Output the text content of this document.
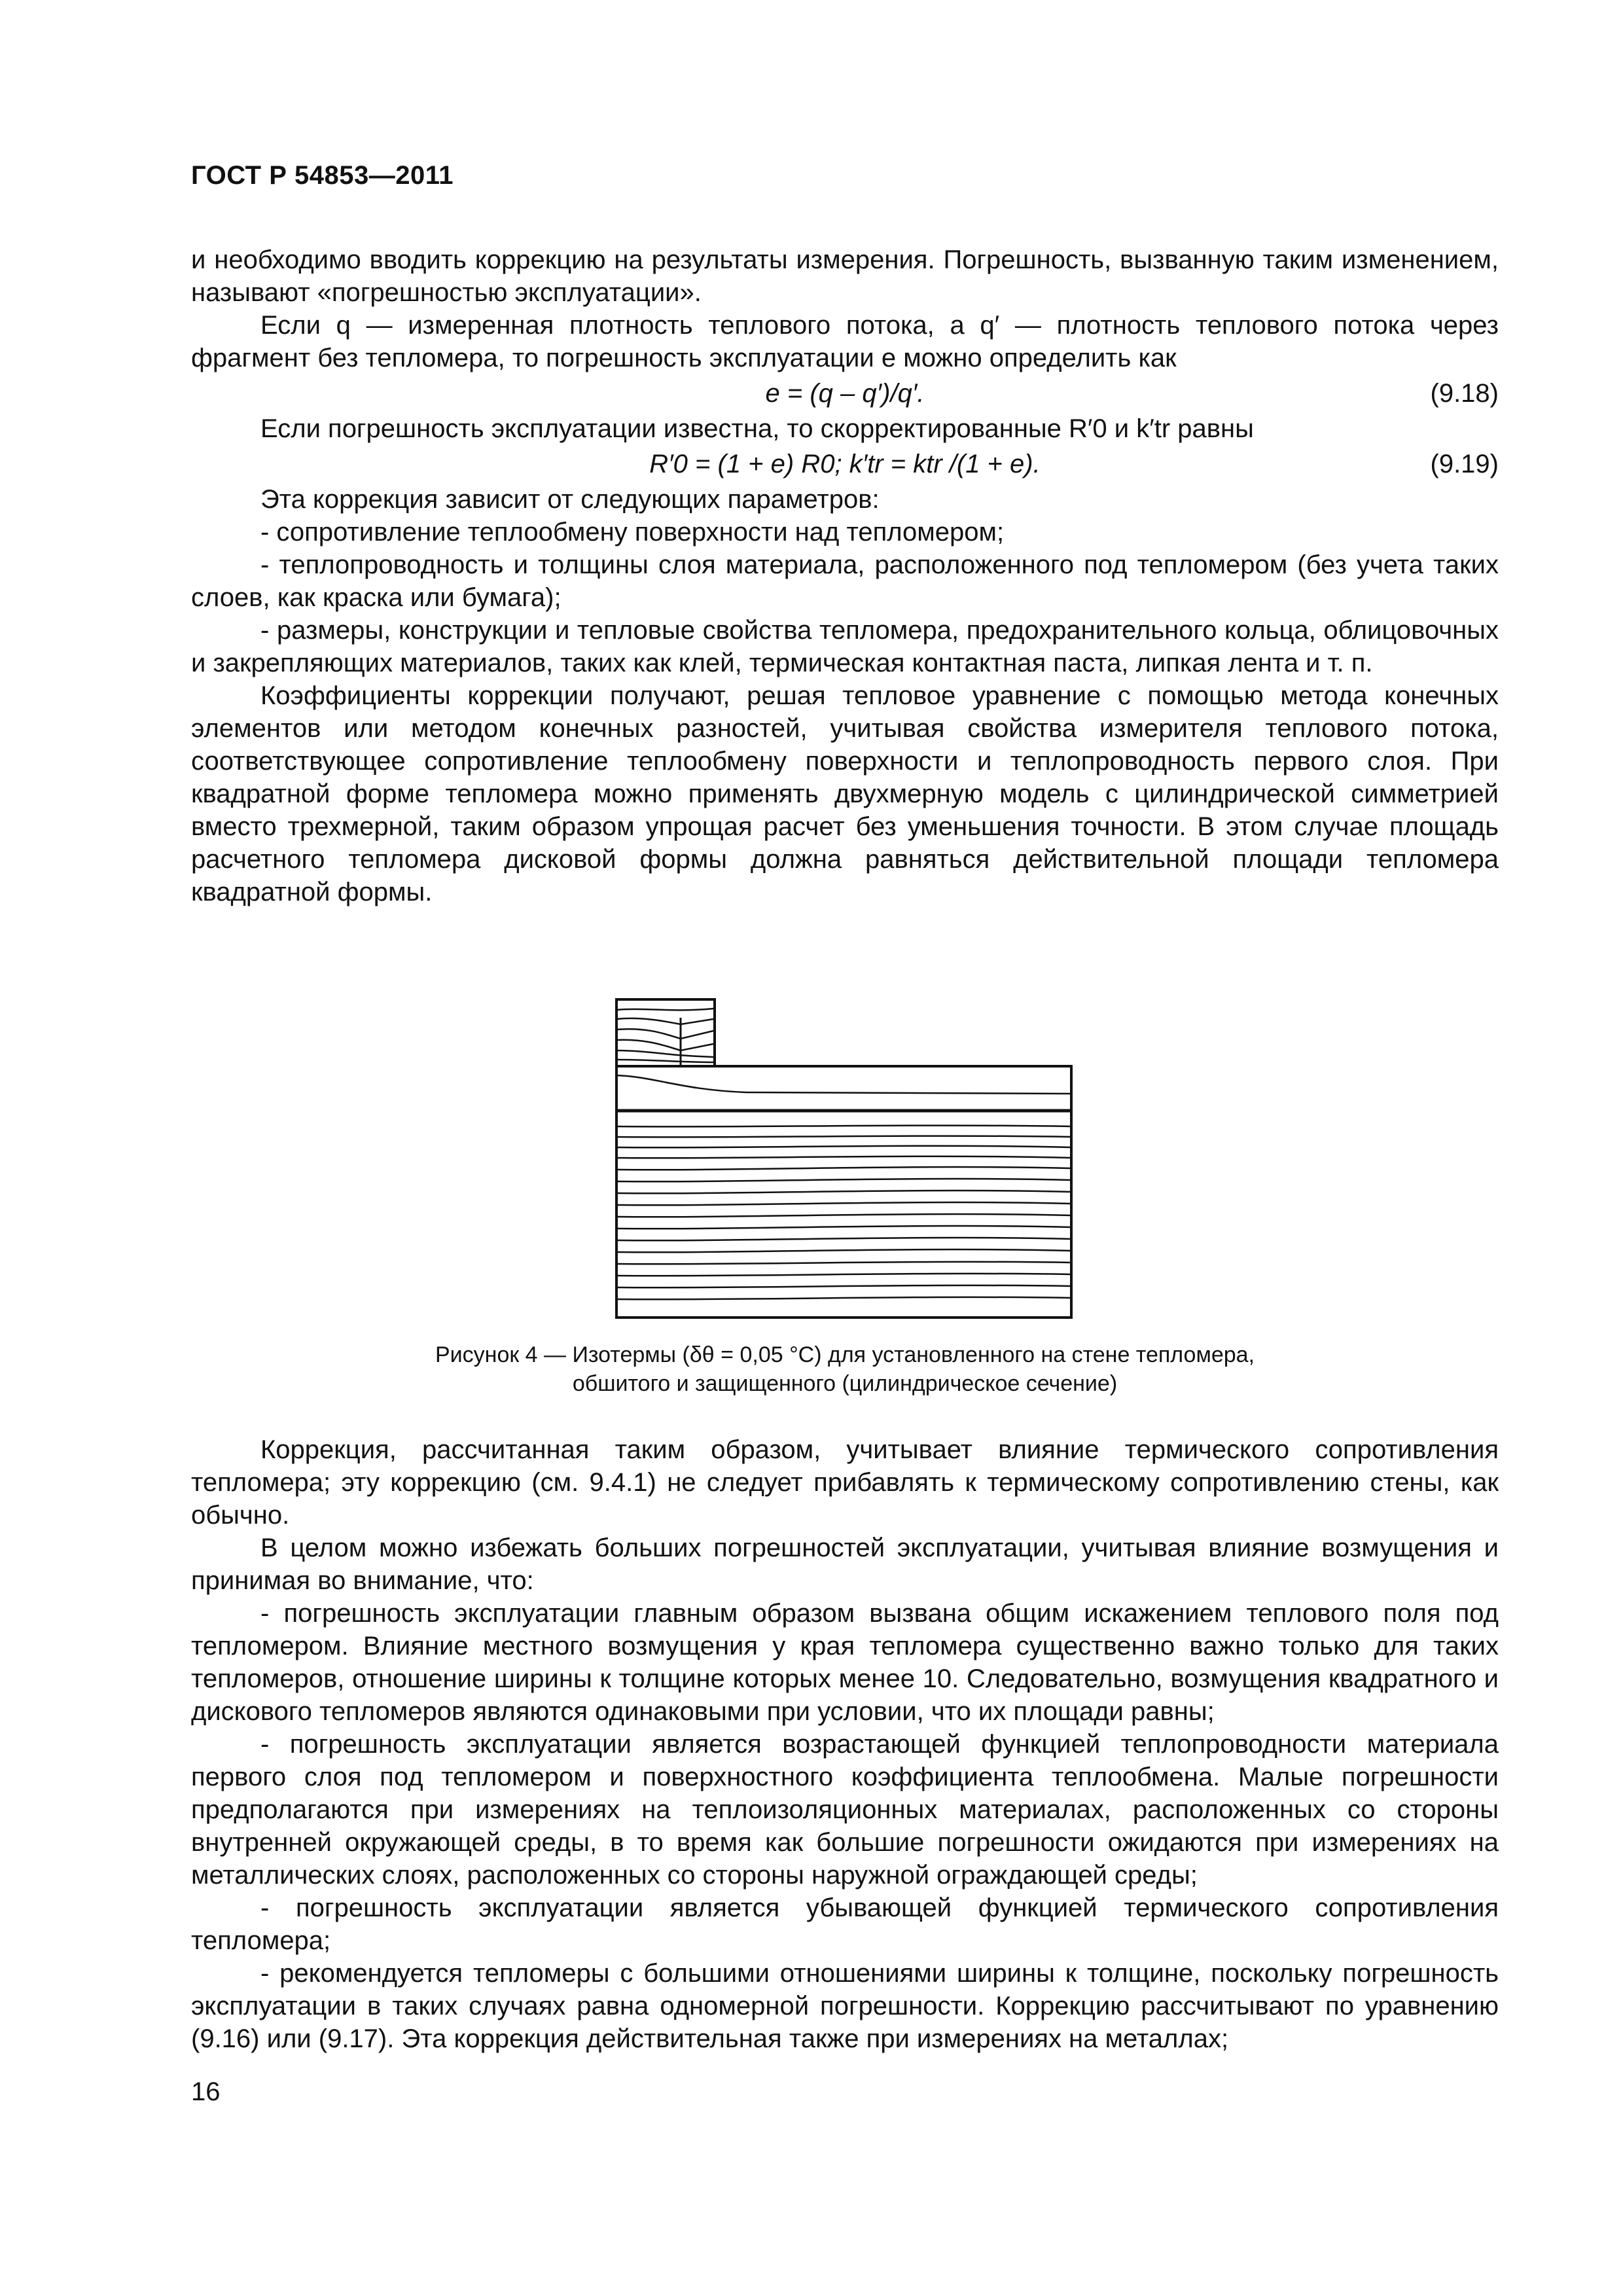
ГОСТ Р 54853—2011

и необходимо вводить коррекцию на результаты измерения. Погрешность, вызванную таким изменением, называют «погрешностью эксплуатации».

Если q — измеренная плотность теплового потока, а q′ — плотность теплового потока через фрагмент без тепломера, то погрешность эксплуатации e можно определить как

e = (q – q′)/q′.	(9.18)

Если погрешность эксплуатации известна, то скорректированные R′0 и k′tr равны

R′0 = (1 + e) R0; k′tr = ktr /(1 + e).	(9.19)

Эта коррекция зависит от следующих параметров:

- сопротивление теплообмену поверхности над тепломером;

- теплопроводность и толщины слоя материала, расположенного под тепломером (без учета таких слоев, как краска или бумага);

- размеры, конструкции и тепловые свойства тепломера, предохранительного кольца, облицовочных и закрепляющих материалов, таких как клей, термическая контактная паста, липкая лента и т. п.

Коэффициенты коррекции получают, решая тепловое уравнение с помощью метода конечных элементов или методом конечных разностей, учитывая свойства измерителя теплового потока, соответствующее сопротивление теплообмену поверхности и теплопроводность первого слоя. При квадратной форме тепломера можно применять двухмерную модель с цилиндрической симметрией вместо трехмерной, таким образом упрощая расчет без уменьшения точности. В этом случае площадь расчетного тепломера дисковой формы должна равняться действительной площади тепломера квадратной формы.

Рисунок 4 — Изотермы (δθ = 0,05 °С) для установленного на стене тепломера,
обшитого и защищенного (цилиндрическое сечение)

Коррекция, рассчитанная таким образом, учитывает влияние термического сопротивления тепломера; эту коррекцию (см. 9.4.1) не следует прибавлять к термическому сопротивлению стены, как обычно.

В целом можно избежать больших погрешностей эксплуатации, учитывая влияние возмущения и принимая во внимание, что:

- погрешность эксплуатации главным образом вызвана общим искажением теплового поля под тепломером. Влияние местного возмущения у края тепломера существенно важно только для таких тепломеров, отношение ширины к толщине которых менее 10. Следовательно, возмущения квадратного и дискового тепломеров являются одинаковыми при условии, что их площади равны;

- погрешность эксплуатации является возрастающей функцией теплопроводности материала первого слоя под тепломером и поверхностного коэффициента теплообмена. Малые погрешности предполагаются при измерениях на теплоизоляционных материалах, расположенных со стороны внутренней окружающей среды, в то время как большие погрешности ожидаются при измерениях на металлических слоях, расположенных со стороны наружной ограждающей среды;

- погрешность эксплуатации является убывающей функцией термического сопротивления тепломера;

- рекомендуется тепломеры с большими отношениями ширины к толщине, поскольку погрешность эксплуатации в таких случаях равна одномерной погрешности. Коррекцию рассчитывают по уравнению (9.16) или (9.17). Эта коррекция действительная также при измерениях на металлах;

16
